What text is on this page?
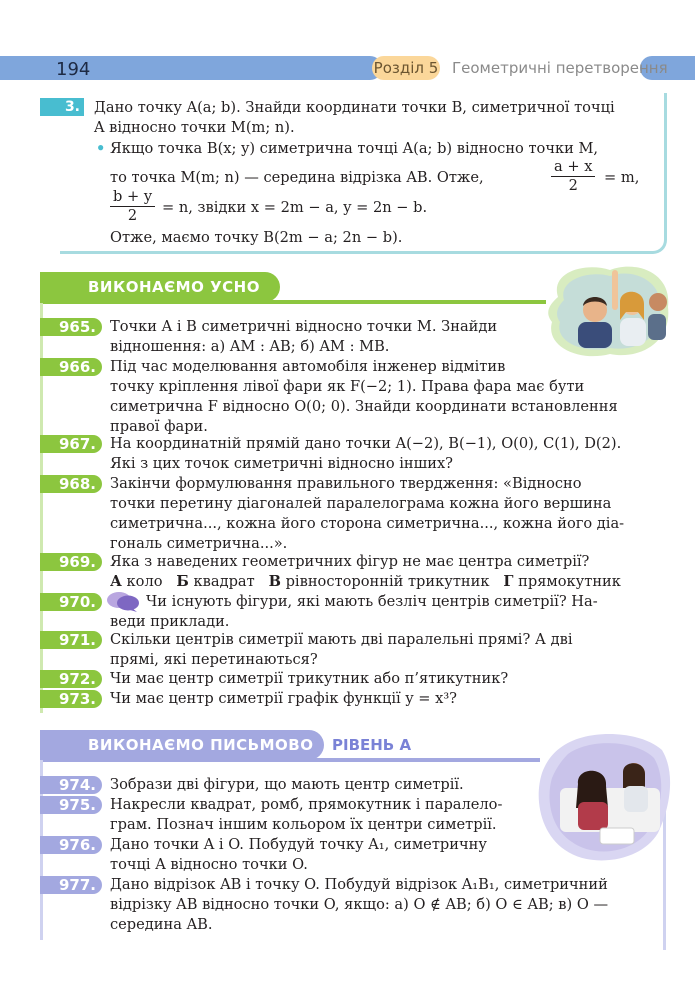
194	Розділ 5 Геометричні перетворення
3. Дано точку A(a; b). Знайди координати точки B, симетричної точці
A відносно точки M(m; n).
• Якщо точка B(x; y) симетрична точці A(a; b) відносно точки M,
то точка M(m; n) — середина відрізка AB. Отже,	$\frac{a + x}{2} = m$,
$\frac{b + y}{2} = n$, звідки x = 2m − a, y = 2n − b.
Отже, маємо точку B(2m − a; 2n − b).
ВИКОНАЄМО УСНО
965. Точки A і B симетричні відносно точки M. Знайди
відношення: а) AM : AB; б) AM : MB.
966. Під час моделювання автомобіля інженер відмітив
точку кріплення лівої фари як F(−2; 1). Права фара має бути
симетрична F відносно O(0; 0). Знайди координати встановлення
правої фари.
967. На координатній прямій дано точки A(−2), B(−1), O(0), C(1), D(2).
Які з цих точок симетричні відносно інших?
968. Закінчи формулювання правильного твердження: «Відносно
точки перетину діагоналей паралелограма кожна його вершина
симетрична..., кожна його сторона симетрична..., кожна його діа-
гональ симетрична...».
969. Яка з наведених геометричних фігур не має центра симетрії?
А коло Б квадрат В рівносторонній трикутник Г прямокутник
970.	Чи існують фігури, які мають безліч центрів симетрії? На-
веди приклади.
971. Скільки центрів симетрії мають дві паралельні прямі? А дві
прямі, які перетинаються?
972. Чи має центр симетрії трикутник або п’ятикутник?
973. Чи має центр симетрії графік функції y = x³?
ВИКОНАЄМО ПИСЬМОВО РІВЕНЬ А
974. Зобрази дві фігури, що мають центр симетрії.
975. Накресли квадрат, ромб, прямокутник і паралело-
грам. Познач іншим кольором їх центри симетрії.
976. Дано точки A і O. Побудуй точку A₁, симетричну
точці A відносно точки O.
977. Дано відрізок AB і точку O. Побудуй відрізок A₁B₁, симетричний
відрізку AB відносно точки O, якщо: а) O ∉ AB; б) O ∈ AB; в) O —
середина AB.
